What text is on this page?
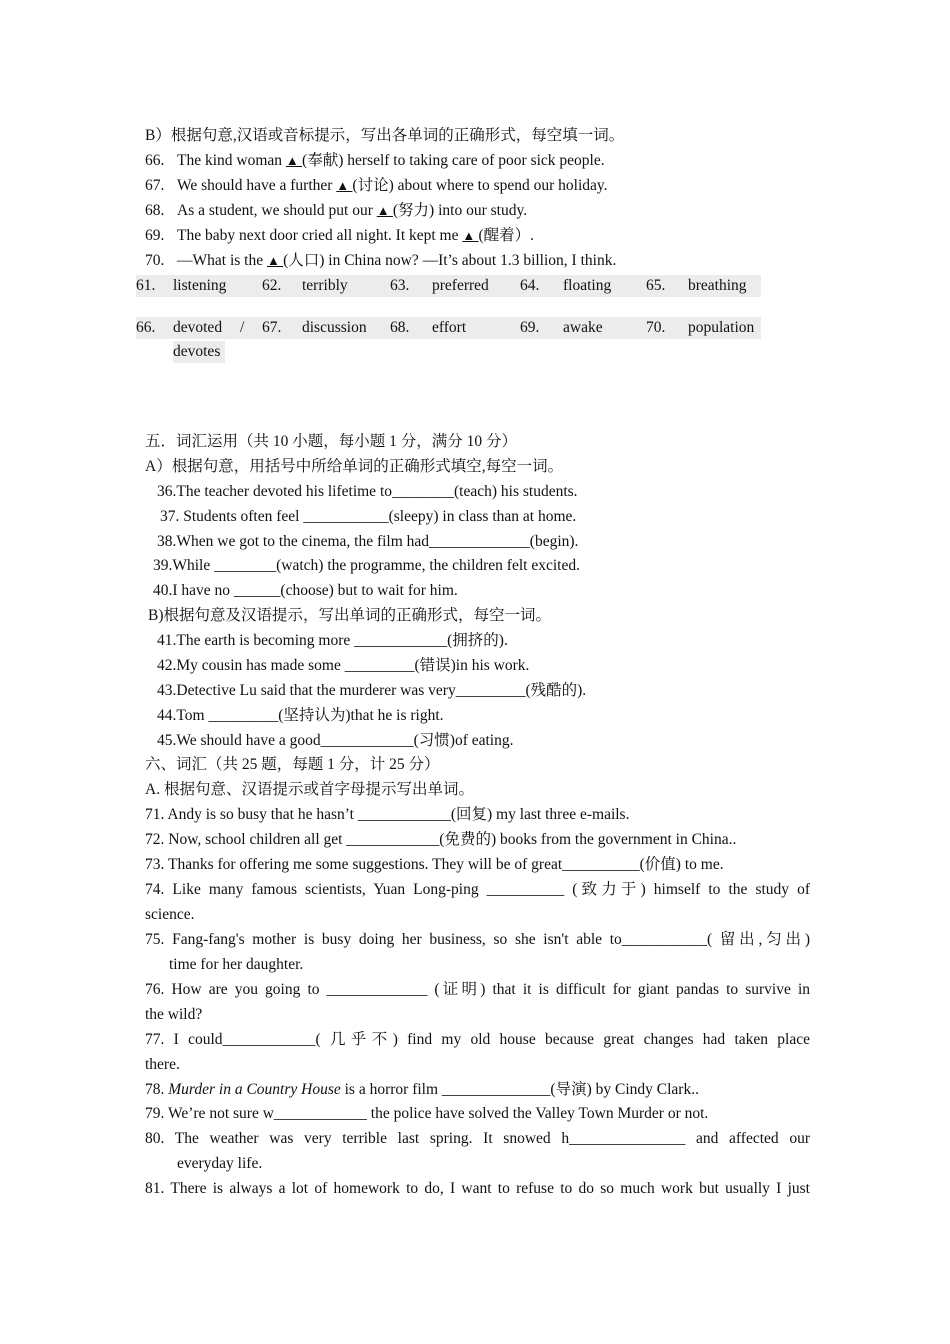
B）根据句意,汉语或音标提示，写出各单词的正确形式，每空填一词。
66. The kind woman ▲ (奉献) herself to taking care of poor sick people.
67. We should have a further ▲ (讨论) about where to spend our holiday.
68. As a student, we should put our ▲ (努力) into our study.
69. The baby next door cried all night. It kept me ▲ (醒着）.
70. —What is the ▲ (人口) in China now? —It’s about 1.3 billion, I think.
61. listening 62. terribly	63. preferred 64. floating 65. breathing
66. devoted / 67. discussion 68. effort	69. awake	70. population
devotes
五．词汇运用（共 10 小题，每小题 1 分，满分 10 分）
A）根据句意，用括号中所给单词的正确形式填空,每空一词。
36.The teacher devoted his lifetime to________(teach) his students.
37. Students often feel ___________(sleepy) in class than at home.
38.When we got to the cinema, the film had_____________(begin).
39.While ________(watch) the programme, the children felt excited.
40.I have no ______(choose) but to wait for him.
B)根据句意及汉语提示，写出单词的正确形式，每空一词。
41.The earth is becoming more ____________(拥挤的).
42.My cousin has made some _________(错误)in his work.
43.Detective Lu said that the murderer was very_________(残酷的).
44.Tom _________(坚持认为)that he is right.
45.We should have a good____________(习惯)of eating.
六、词汇（共 25 题，每题 1 分，计 25 分）
A. 根据句意、汉语提示或首字母提示写出单词。
71. Andy is so busy that he hasn’t ____________(回复) my last three e-mails.
72. Now, school children all get ____________(免费的) books from the government in China..
73. Thanks for offering me some suggestions. They will be of great__________(价值) to me.
74. Like many famous scientists, Yuan Long-ping __________ (致力于) himself to the study of
science.
75. Fang-fang's mother is busy doing her business, so she isn't able to___________( 留出,匀出)
time for her daughter.
76. How are you going to _____________ (证明) that it is difficult for giant pandas to survive in
the wild?
77. I could____________( 几乎不) find my old house because great changes had taken place
there.
78. Murder in a Country House is a horror film ______________(导演) by Cindy Clark..
79. We’re not sure w____________ the police have solved the Valley Town Murder or not.
80. The weather was very terrible last spring. It snowed h_______________ and affected our
everyday life.
81. There is always a lot of homework to do, I want to refuse to do so much work but usually I just
